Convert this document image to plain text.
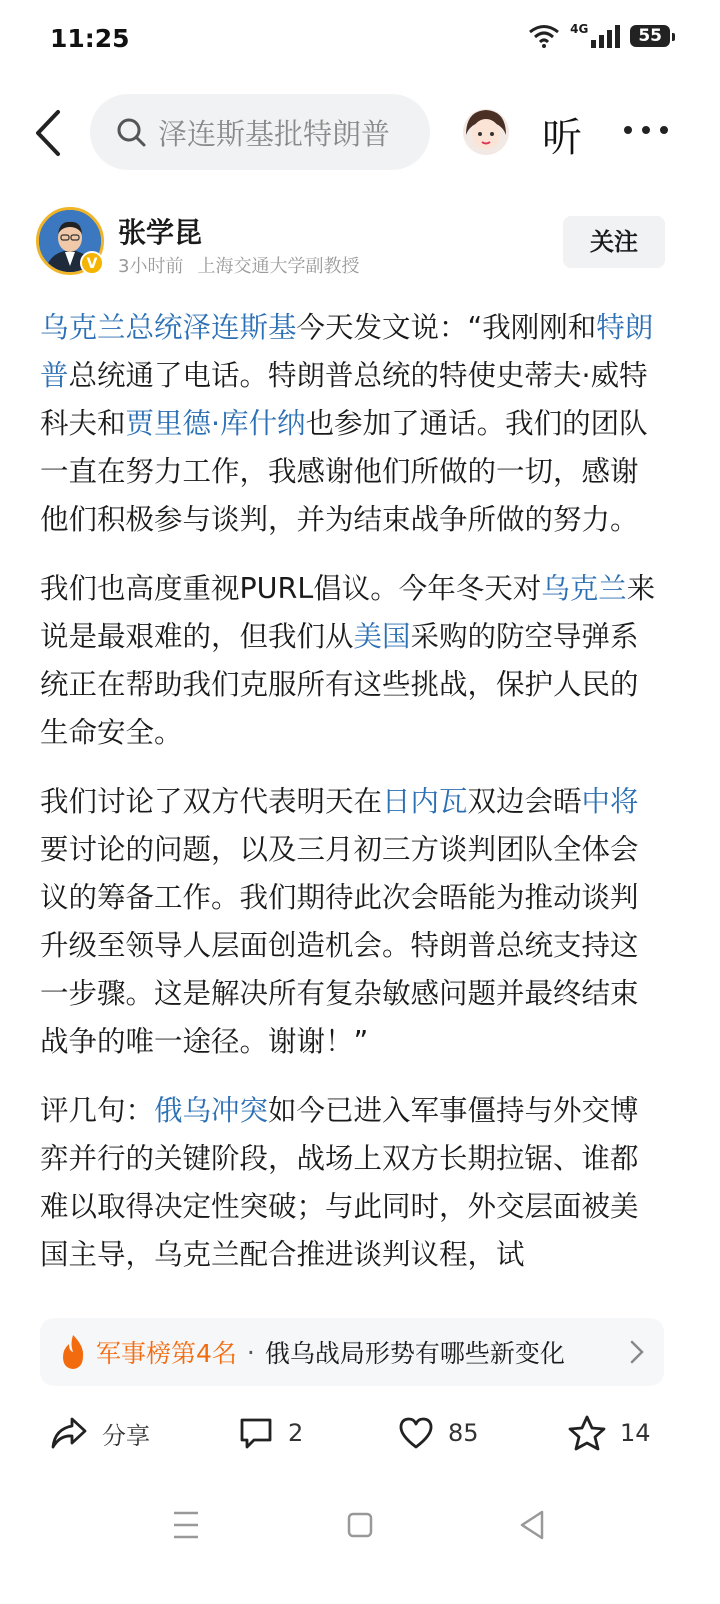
11:25	4G	55
泽连斯基批特朗普	听
V
张学昆
3小时前 上海交通大学副教授
关注

乌克兰总统泽连斯基今天发文说：“我刚刚和特朗普总统通了电话。特朗普总统的特使史蒂夫·威特科夫和贾里德·库什纳也参加了通话。我们的团队一直在努力工作，我感谢他们所做的一切，感谢他们积极参与谈判，并为结束战争所做的努力。

我们也高度重视PURL倡议。今年冬天对乌克兰来说是最艰难的，但我们从美国采购的防空导弹系统正在帮助我们克服所有这些挑战，保护人民的生命安全。

我们讨论了双方代表明天在日内瓦双边会晤中将要讨论的问题，以及三月初三方谈判团队全体会议的筹备工作。我们期待此次会晤能为推动谈判升级至领导人层面创造机会。特朗普总统支持这一步骤。这是解决所有复杂敏感问题并最终结束战争的唯一途径。谢谢！”

评几句：俄乌冲突如今已进入军事僵持与外交博弈并行的关键阶段，战场上双方长期拉锯、谁都难以取得决定性突破；与此同时，外交层面被美国主导，乌克兰配合推进谈判议程，试

军事榜第4名 · 俄乌战局形势有哪些新变化
分享	2	85	14
